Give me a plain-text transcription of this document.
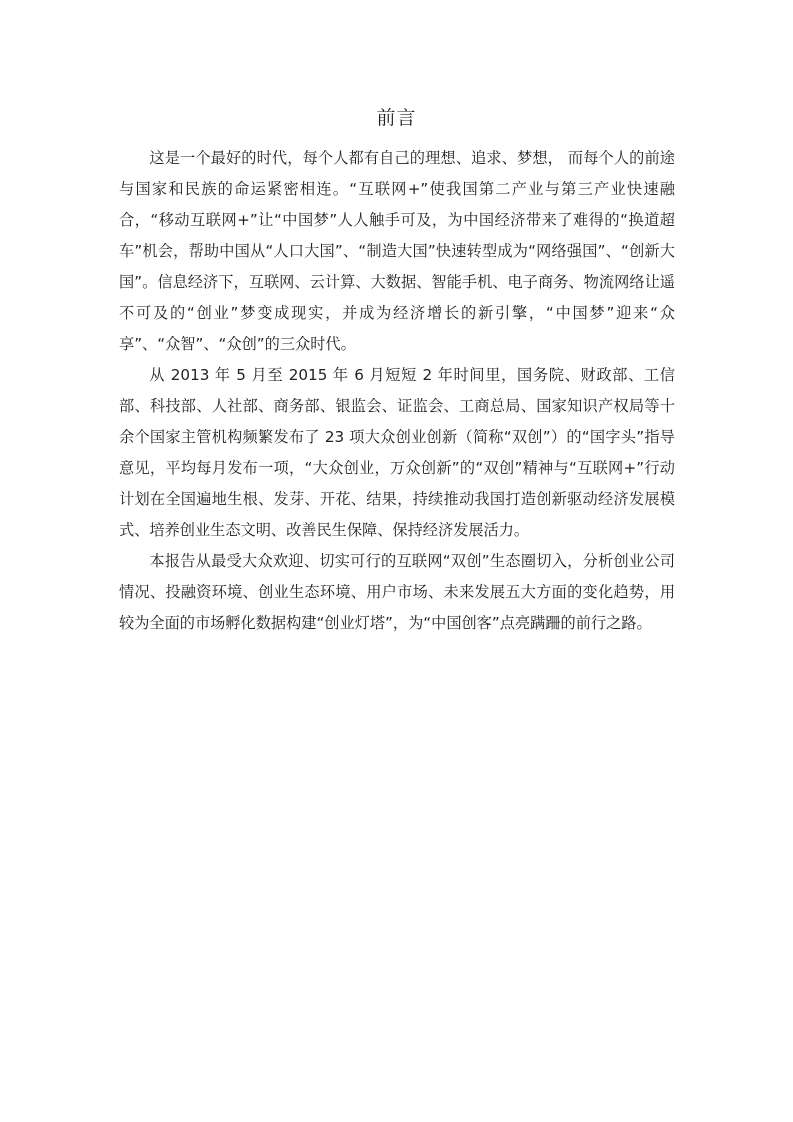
前言

这是一个最好的时代，每个人都有自己的理想、追求、梦想， 而每个人的前途与国家和民族的命运紧密相连。“互联网+”使我国第二产业与第三产业快速融合，“移动互联网+”让“中国梦”人人触手可及，为中国经济带来了难得的“换道超车”机会，帮助中国从“人口大国”、“制造大国”快速转型成为“网络强国”、“创新大国”。信息经济下，互联网、云计算、大数据、智能手机、电子商务、物流网络让遥不可及的“创业”梦变成现实，并成为经济增长的新引擎，“中国梦”迎来“众享”、“众智”、“众创”的三众时代。

从 2013 年 5 月至 2015 年 6 月短短 2 年时间里，国务院、财政部、工信部、科技部、人社部、商务部、银监会、证监会、工商总局、国家知识产权局等十余个国家主管机构频繁发布了 23 项大众创业创新（简称“双创”）的“国字头”指导意见，平均每月发布一项，“大众创业，万众创新”的“双创”精神与“互联网+”行动计划在全国遍地生根、发芽、开花、结果，持续推动我国打造创新驱动经济发展模式、培养创业生态文明、改善民生保障、保持经济发展活力。

本报告从最受大众欢迎、切实可行的互联网“双创”生态圈切入，分析创业公司情况、投融资环境、创业生态环境、用户市场、未来发展五大方面的变化趋势，用较为全面的市场孵化数据构建“创业灯塔”，为“中国创客”点亮蹒跚的前行之路。
